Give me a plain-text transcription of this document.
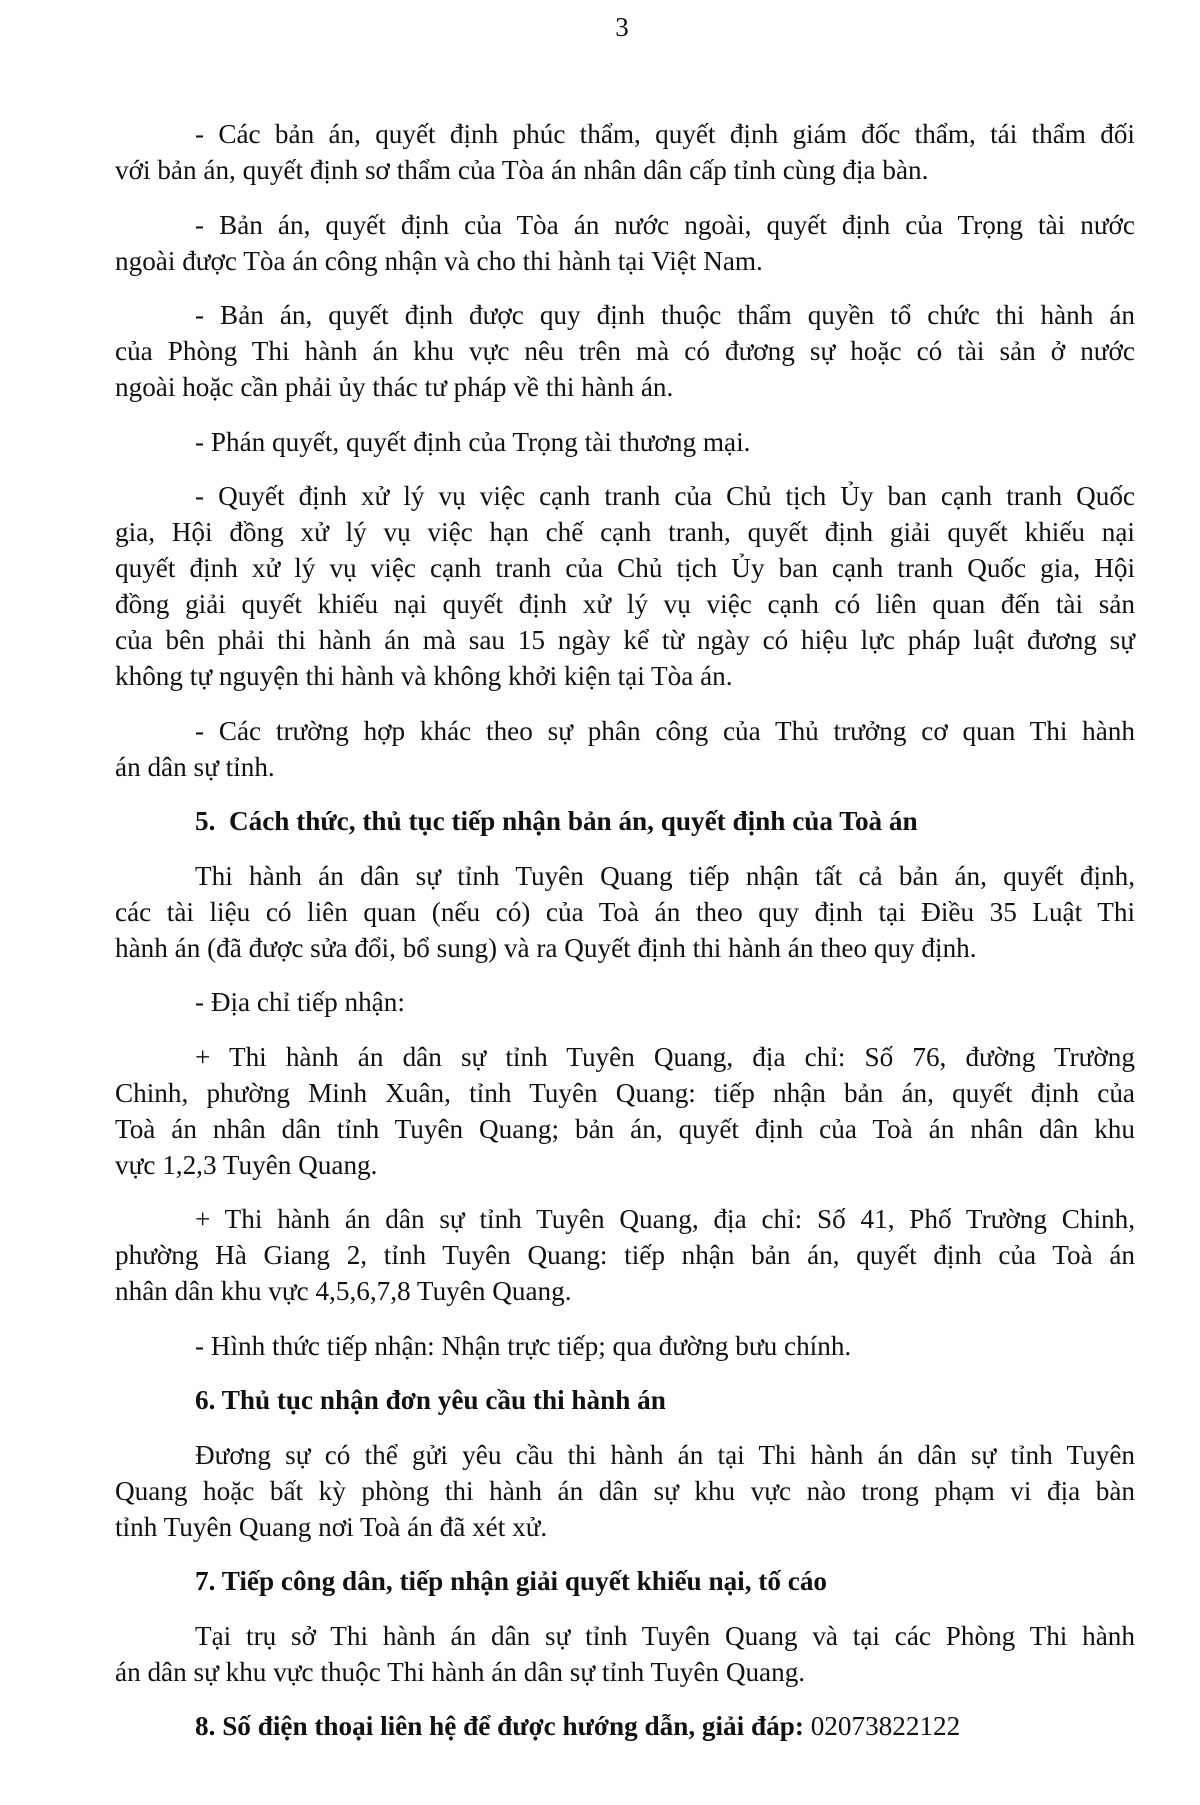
3
- Các bản án, quyết định phúc thẩm, quyết định giám đốc thẩm, tái thẩm đối
với bản án, quyết định sơ thẩm của Tòa án nhân dân cấp tỉnh cùng địa bàn.
- Bản án, quyết định của Tòa án nước ngoài, quyết định của Trọng tài nước
ngoài được Tòa án công nhận và cho thi hành tại Việt Nam.
- Bản án, quyết định được quy định thuộc thẩm quyền tổ chức thi hành án
của Phòng Thi hành án khu vực nêu trên mà có đương sự hoặc có tài sản ở nước
ngoài hoặc cần phải ủy thác tư pháp về thi hành án.
- Phán quyết, quyết định của Trọng tài thương mại.
- Quyết định xử lý vụ việc cạnh tranh của Chủ tịch Ủy ban cạnh tranh Quốc
gia, Hội đồng xử lý vụ việc hạn chế cạnh tranh, quyết định giải quyết khiếu nại
quyết định xử lý vụ việc cạnh tranh của Chủ tịch Ủy ban cạnh tranh Quốc gia, Hội
đồng giải quyết khiếu nại quyết định xử lý vụ việc cạnh có liên quan đến tài sản
của bên phải thi hành án mà sau 15 ngày kể từ ngày có hiệu lực pháp luật đương sự
không tự nguyện thi hành và không khởi kiện tại Tòa án.
- Các trường hợp khác theo sự phân công của Thủ trưởng cơ quan Thi hành
án dân sự tỉnh.
5.  Cách thức, thủ tục tiếp nhận bản án, quyết định của Toà án
Thi hành án dân sự tỉnh Tuyên Quang tiếp nhận tất cả bản án, quyết định,
các tài liệu có liên quan (nếu có) của Toà án theo quy định tại Điều 35 Luật Thi
hành án (đã được sửa đổi, bổ sung) và ra Quyết định thi hành án theo quy định.
- Địa chỉ tiếp nhận:
+ Thi hành án dân sự tỉnh Tuyên Quang, địa chỉ: Số 76, đường Trường
Chinh, phường Minh Xuân, tỉnh Tuyên Quang: tiếp nhận bản án, quyết định của
Toà án nhân dân tỉnh Tuyên Quang; bản án, quyết định của Toà án nhân dân khu
vực 1,2,3 Tuyên Quang.
+ Thi hành án dân sự tỉnh Tuyên Quang, địa chỉ: Số 41, Phố Trường Chinh,
phường Hà Giang 2, tỉnh Tuyên Quang: tiếp nhận bản án, quyết định của Toà án
nhân dân khu vực 4,5,6,7,8 Tuyên Quang.
- Hình thức tiếp nhận: Nhận trực tiếp; qua đường bưu chính.
6. Thủ tục nhận đơn yêu cầu thi hành án
Đương sự có thể gửi yêu cầu thi hành án tại Thi hành án dân sự tỉnh Tuyên
Quang hoặc bất kỳ phòng thi hành án dân sự khu vực nào trong phạm vi địa bàn
tỉnh Tuyên Quang nơi Toà án đã xét xử.
7. Tiếp công dân, tiếp nhận giải quyết khiếu nại, tố cáo
Tại trụ sở Thi hành án dân sự tỉnh Tuyên Quang và tại các Phòng Thi hành
án dân sự khu vực thuộc Thi hành án dân sự tỉnh Tuyên Quang.
8. Số điện thoại liên hệ để được hướng dẫn, giải đáp: 02073822122
